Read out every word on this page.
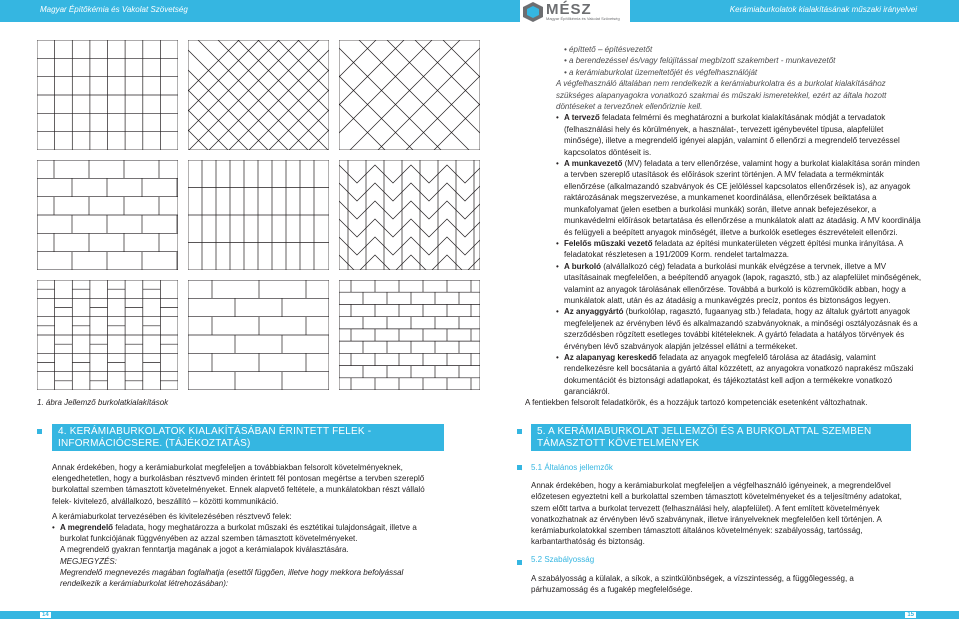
Magyar Építőkémia és Vakolat Szövetség	Kerámiaburkolatok kialakításának műszaki irányelvei
MÉSZ
Magyar Építőkémia és Vakolat Szövetség
1. ábra Jellemző burkolatkialakítások
• építtető – építésvezetőt
• a berendezéssel és/vagy felújítással megbízott szakembert - munkavezetőt
• a kerámiaburkolat üzemeltetőjét és végfelhasználóját
A végfelhasználó általában nem rendelkezik a kerámiaburkolatra és a burkolat kialakításához szükséges alapanyagokra vonatkozó szakmai és műszaki ismeretekkel, ezért az általa hozott döntéseket a tervezőnek ellenőriznie kell.
• A tervező feladata felmérni és meghatározni a burkolat kialakításának módját a tervadatok (felhasználási hely és körülmények, a használat-, tervezett igénybevétel típusa, alapfelület minősége), illetve a megrendelő igényei alapján, valamint ő ellenőrzi a megrendelő tervezéssel kapcsolatos döntéseit is.
• A munkavezető (MV) feladata a terv ellenőrzése, valamint hogy a burkolat kialakítása során minden a tervben szereplő utasítások és előírások szerint történjen. A MV feladata a termékminták ellenőrzése (alkalmazandó szabványok és CE jelöléssel kapcsolatos ellenőrzések is), az anyagok raktározásának megszervezése, a munkamenet koordinálása, ellenőrzések beiktatása a munkafolyamat (jelen esetben a burkolási munkák) során, illetve annak befejezésekor, a munkavédelmi előírások betartatása és ellenőrzése a munkálatok alatt az átadásig. A MV koordinálja és felügyeli a beépített anyagok minőségét, illetve a burkolók esetleges észrevételeit ellenőrzi.
• Felelős műszaki vezető feladata az építési munkaterületen végzett építési munka irányítása. A feladatokat részletesen a 191/2009 Korm. rendelet tartalmazza.
• A burkoló (alvállalkozó cég) feladata a burkolási munkák elvégzése a tervnek, illetve a MV utasításainak megfelelően, a beépítendő anyagok (lapok, ragasztó, stb.) az alapfelület minőségének, valamint az anyagok tárolásának ellenőrzése. Továbbá a burkoló is közreműködik abban, hogy a munkálatok alatt, után és az átadásig a munkavégzés precíz, pontos és biztonságos legyen.
• Az anyaggyártó (burkolólap, ragasztó, fugaanyag stb.) feladata, hogy az általuk gyártott anyagok megfeleljenek az érvényben lévő és alkalmazandó szabványoknak, a minőségi osztályozásnak és a szerződésben rögzített esetleges további kitételeknek. A gyártó feladata a hatályos törvények és érvényben lévő szabványok alapján jelzéssel ellátni a termékeket.
• Az alapanyag kereskedő feladata az anyagok megfelelő tárolása az átadásig, valamint rendelkezésre kell bocsátania a gyártó által közzétett, az anyagokra vonatkozó naprakész műszaki dokumentációt és biztonsági adatlapokat, és tájékoztatást kell adjon a termékekre vonatkozó garanciákról.
A fentiekben felsorolt feladatkörök, és a hozzájuk tartozó kompetenciák esetenként változhatnak.
4. KERÁMIABURKOLATOK KIALAKÍTÁSÁBAN ÉRINTETT FELEK - INFORMÁCIÓCSERE. (TÁJÉKOZTATÁS)
5. A KERÁMIABURKOLAT JELLEMZŐI ÉS A BURKOLATTAL SZEMBEN TÁMASZTOTT KÖVETELMÉNYEK

Annak érdekében, hogy a kerámiaburkolat megfeleljen a továbbiakban felsorolt követelményeknek, elengedhetetlen, hogy a burkolásban résztvevő minden érintett fél pontosan megértse a tervben szereplő burkolattal szemben támasztott követelményeket. Ennek alapvető feltétele, a munkálatokban részt vállaló felek- kivitelező, alvállalkozó, beszállító – közötti kommunikáció.

A kerámiaburkolat tervezésében és kivitelezésében résztvevő felek:
• A megrendelő feladata, hogy meghatározza a burkolat műszaki és esztétikai tulajdonságait, illetve a burkolat funkciójának függvényében az azzal szemben támasztott követelményeket.
A megrendelő gyakran fenntartja magának a jogot a kerámialapok kiválasztására.
MEGJEGYZÉS:
Megrendelő megnevezés magában foglalhatja (esettől függően, illetve hogy mekkora befolyással rendelkezik a kerámiaburkolat létrehozásában):
5.1 Általános jellemzők

Annak érdekében, hogy a kerámiaburkolat megfeleljen a végfelhasználó igényeinek, a megrendelővel előzetesen egyeztetni kell a burkolattal szemben támasztott követelményeket és a teljesítmény adatokat, szem előtt tartva a burkolat tervezett (felhasználási hely, alapfelület). A fent említett követelmények vonatkozhatnak az érvényben lévő szabványnak, illetve irányelveknek megfelelően kell történjen. A kerámiaburkolatokkal szemben támasztott általános követelmények: szabályosság, tartósság, karbantarthatóság és biztonság.

5.2 Szabályosság

A szabályosság a külalak, a síkok, a szintkülönbségek, a vízszintesség, a függőlegesség, a párhuzamosság és a fugakép megfelelősége.

14	15
